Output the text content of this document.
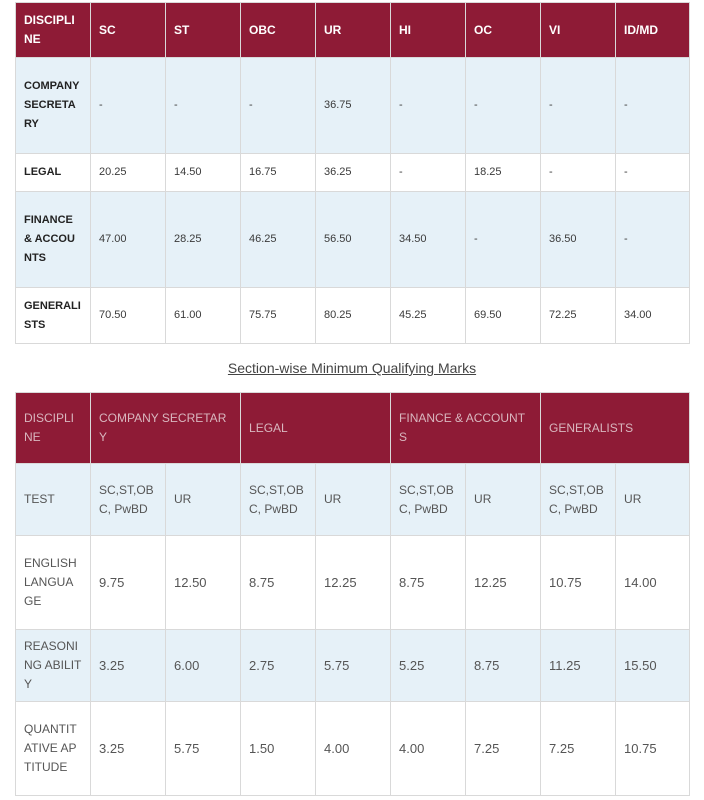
DISCIPLINE	SC	ST	OBC	UR	HI	OC	VI	ID/MD
COMPANY SECRETARY	-	-	-	36.75	-	-	-	-
LEGAL	20.25	14.50	16.75	36.25	-	18.25	-	-
FINANCE & ACCOUNTS	47.00	28.25	46.25	56.50	34.50	-	36.50	-
GENERALISTS	70.50	61.00	75.75	80.25	45.25	69.50	72.25	34.00
Section-wise Minimum Qualifying Marks
DISCIPLINE	COMPANY SECRETARY		LEGAL		FINANCE & ACCOUNTS		GENERALISTS	
TEST	SC,ST,OBC, PwBD	UR	SC,ST,OBC, PwBD	UR	SC,ST,OBC, PwBD	UR	SC,ST,OBC, PwBD	UR
ENGLISH LANGUAGE	9.75	12.50	8.75	12.25	8.75	12.25	10.75	14.00
REASONING ABILITY	3.25	6.00	2.75	5.75	5.25	8.75	11.25	15.50
QUANTITATIVE APTITUDE	3.25	5.75	1.50	4.00	4.00	7.25	7.25	10.75
